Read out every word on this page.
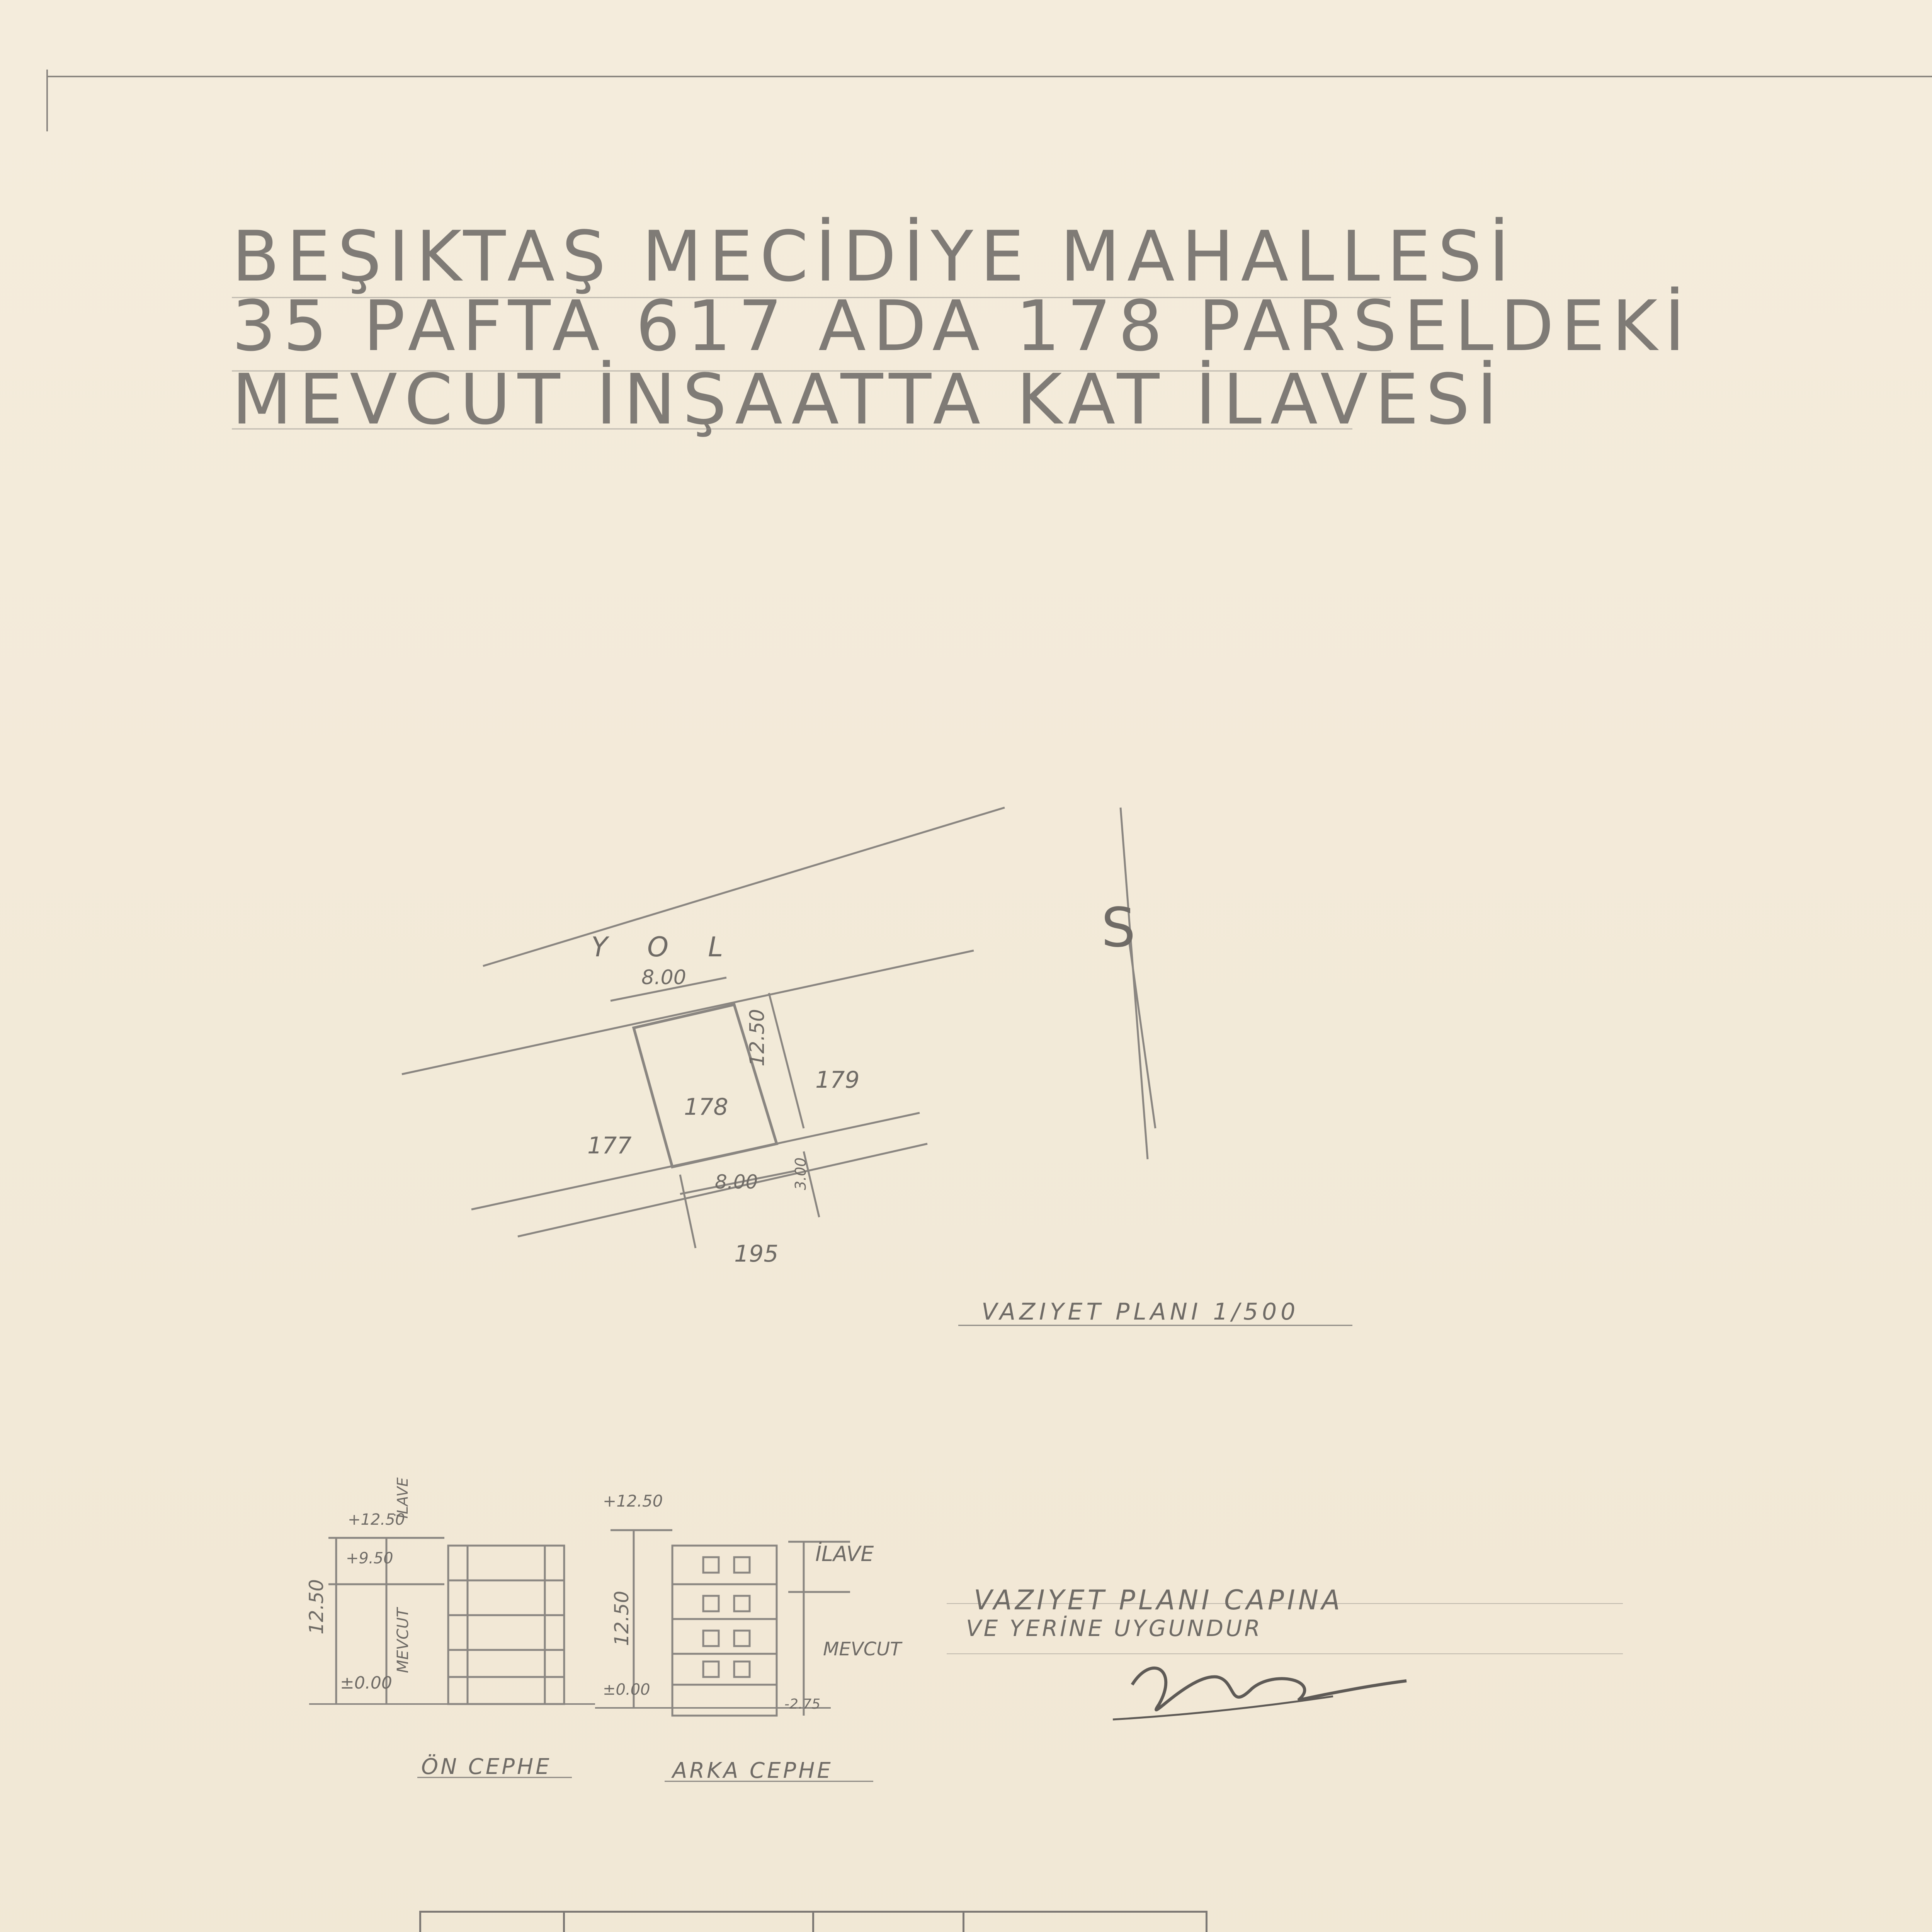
BEŞIKTAŞ MECİDİYE MAHALLESİ
35 PAFTA 617 ADA 178 PARSELDEKİ
MEVCUT İNŞAATTA KAT İLAVESİ
Y O L
8.00
178
12.50
179
177
8.00 3.00
195
S
VAZIYET PLANI 1/500
İLAVE
+12.50
+9.50
12.50
MEVCUT
±0.00
ÖN CEPHE
+12.50
12.50
±0.00
-2.75
İLAVE
MEVCUT
ARKA CEPHE
VAZIYET PLANI CAPINA
VE YERİNE UYGUNDUR
